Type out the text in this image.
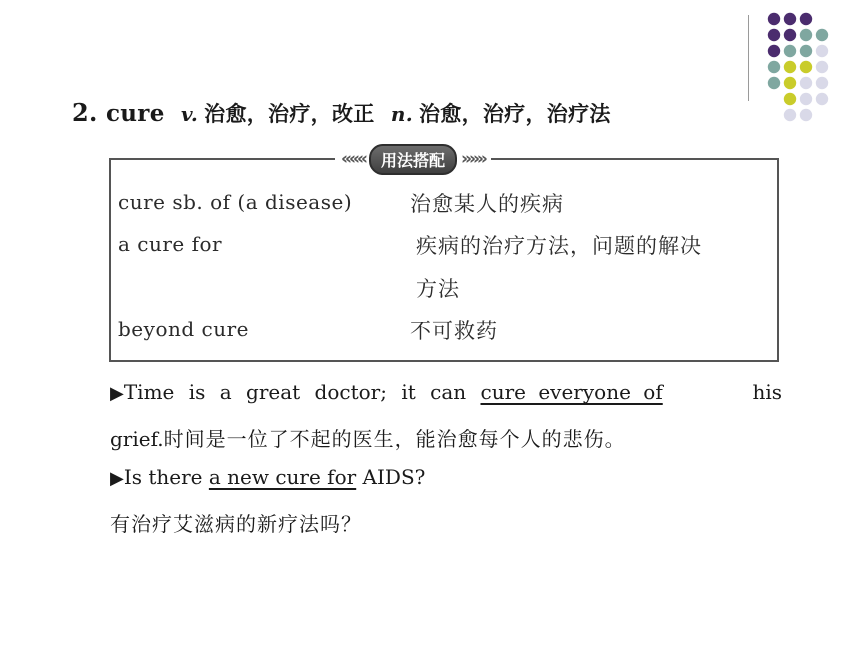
2. cure v. 治愈，治疗，改正 n. 治愈，治疗，治疗法
«««	用法搭配 »»»
cure sb. of (a disease)	治愈某人的疾病
a cure for	疾病的治疗方法，问题的解决
方法
beyond cure	不可救药
▶Time is a great doctor; it can cure everyone of	his
grief.时间是一位了不起的医生，能治愈每个人的悲伤。
▶Is there a new cure for AIDS?
有治疗艾滋病的新疗法吗？
